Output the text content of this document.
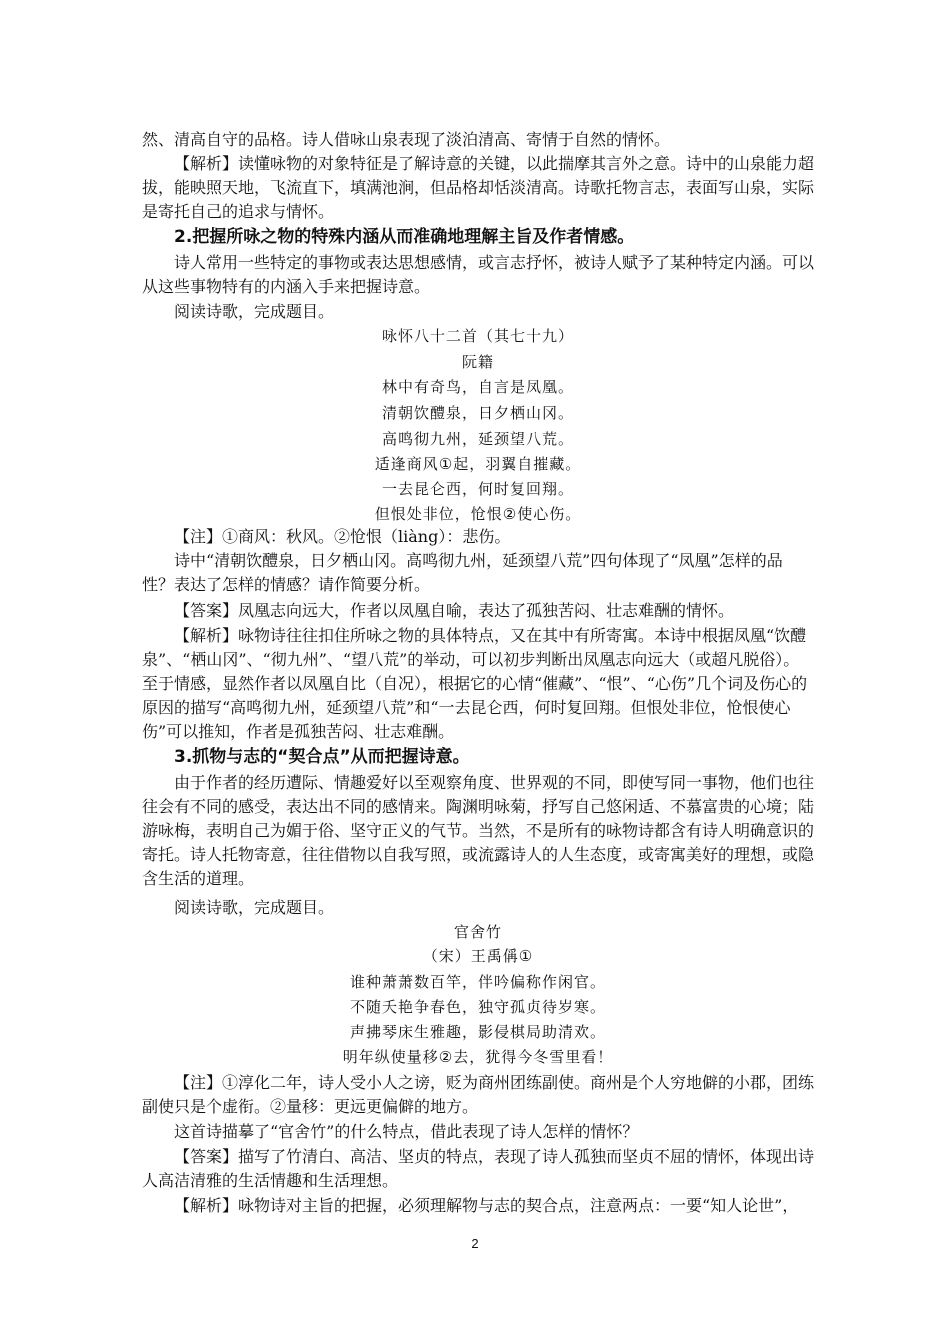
然、清高自守的品格。诗人借咏山泉表现了淡泊清高、寄情于自然的情怀。

【解析】读懂咏物的对象特征是了解诗意的关键，以此揣摩其言外之意。诗中的山泉能力超拔，能映照天地，飞流直下，填满池涧，但品格却恬淡清高。诗歌托物言志，表面写山泉，实际是寄托自己的追求与情怀。

2.把握所咏之物的特殊内涵从而准确地理解主旨及作者情感。

诗人常用一些特定的事物或表达思想感情，或言志抒怀，被诗人赋予了某种特定内涵。可以从这些事物特有的内涵入手来把握诗意。

阅读诗歌，完成题目。

咏怀八十二首（其七十九）

阮籍

林中有奇鸟，自言是凤凰。

清朝饮醴泉，日夕栖山冈。

高鸣彻九州，延颈望八荒。

适逢商风①起，羽翼自摧藏。

一去昆仑西，何时复回翔。

但恨处非位，怆恨②使心伤。

【注】①商风：秋风。②怆恨（liàng）：悲伤。

诗中“清朝饮醴泉，日夕栖山冈。高鸣彻九州，延颈望八荒”四句体现了“凤凰”怎样的品性？表达了怎样的情感？请作简要分析。

【答案】凤凰志向远大，作者以凤凰自喻，表达了孤独苦闷、壮志难酬的情怀。

【解析】咏物诗往往扣住所咏之物的具体特点，又在其中有所寄寓。本诗中根据凤凰“饮醴泉”、“栖山冈”、“彻九州”、“望八荒”的举动，可以初步判断出凤凰志向远大（或超凡脱俗）。至于情感，显然作者以凤凰自比（自况），根据它的心情“催藏”、“恨”、“心伤”几个词及伤心的原因的描写“高鸣彻九州，延颈望八荒”和“一去昆仑西，何时复回翔。但恨处非位，怆恨使心伤”可以推知，作者是孤独苦闷、壮志难酬。

3.抓物与志的“契合点”从而把握诗意。

由于作者的经历遭际、情趣爱好以至观察角度、世界观的不同，即使写同一事物，他们也往往会有不同的感受，表达出不同的感情来。陶渊明咏菊，抒写自己悠闲适、不慕富贵的心境；陆游咏梅，表明自己为媚于俗、坚守正义的气节。当然，不是所有的咏物诗都含有诗人明确意识的寄托。诗人托物寄意，往往借物以自我写照，或流露诗人的人生态度，或寄寓美好的理想，或隐含生活的道理。

阅读诗歌，完成题目。

官舍竹

（宋）王禹偁①

谁种萧萧数百竿，伴吟偏称作闲官。

不随夭艳争春色，独守孤贞待岁寒。

声拂琴床生雅趣，影侵棋局助清欢。

明年纵使量移②去，犹得今冬雪里看！

【注】①淳化二年，诗人受小人之谤，贬为商州团练副使。商州是个人穷地僻的小郡，团练副使只是个虚衔。②量移：更远更偏僻的地方。

这首诗描摹了“官舍竹”的什么特点，借此表现了诗人怎样的情怀？

【答案】描写了竹清白、高洁、坚贞的特点，表现了诗人孤独而坚贞不屈的情怀，体现出诗人高洁清雅的生活情趣和生活理想。

【解析】咏物诗对主旨的把握，必须理解物与志的契合点，注意两点：一要“知人论世”，

2
